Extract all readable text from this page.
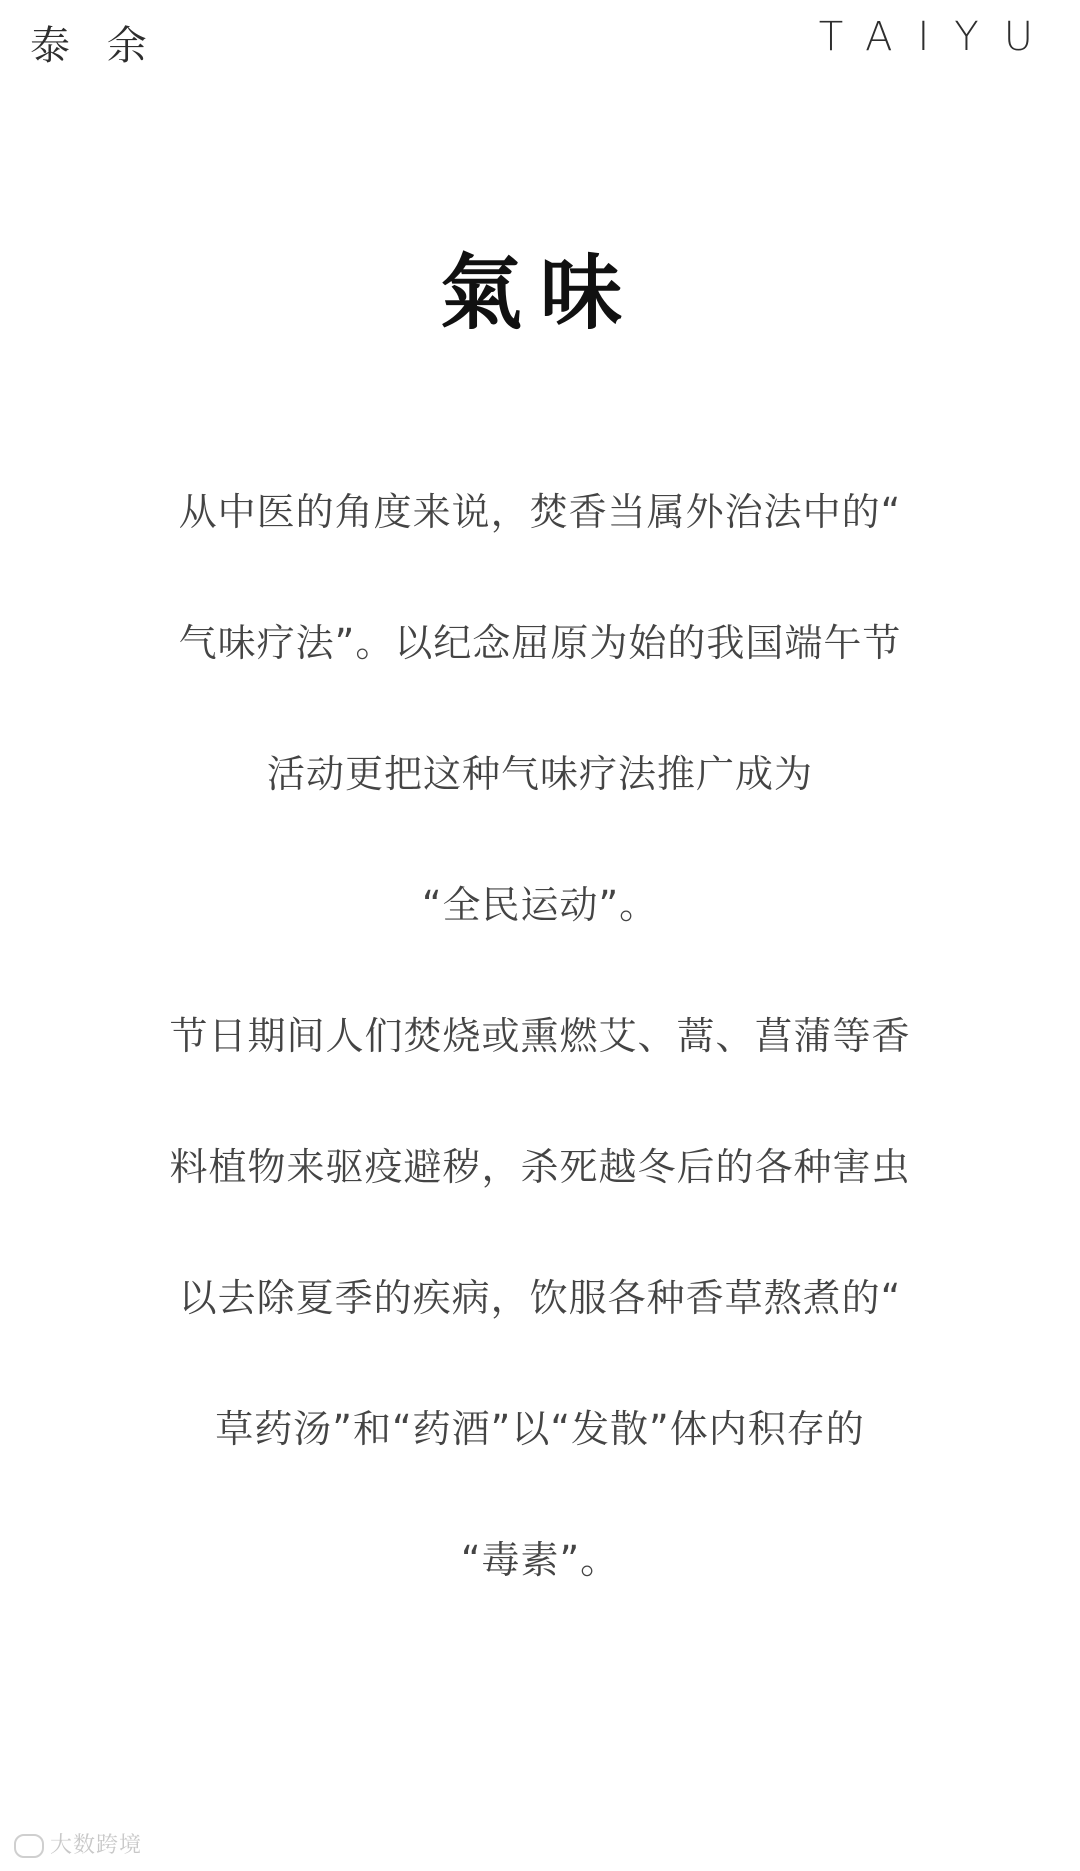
泰 余	TAIYU
氣味
从中医的角度来说，焚香当属外治法中的“
气味疗法”。以纪念屈原为始的我国端午节
活动更把这种气味疗法推广成为
“全民运动”。
节日期间人们焚烧或熏燃艾、蒿、菖蒲等香
料植物来驱疫避秽，杀死越冬后的各种害虫
以去除夏季的疾病，饮服各种香草熬煮的“
草药汤”和“药酒”以“发散”体内积存的
“毒素”。
大数跨境
